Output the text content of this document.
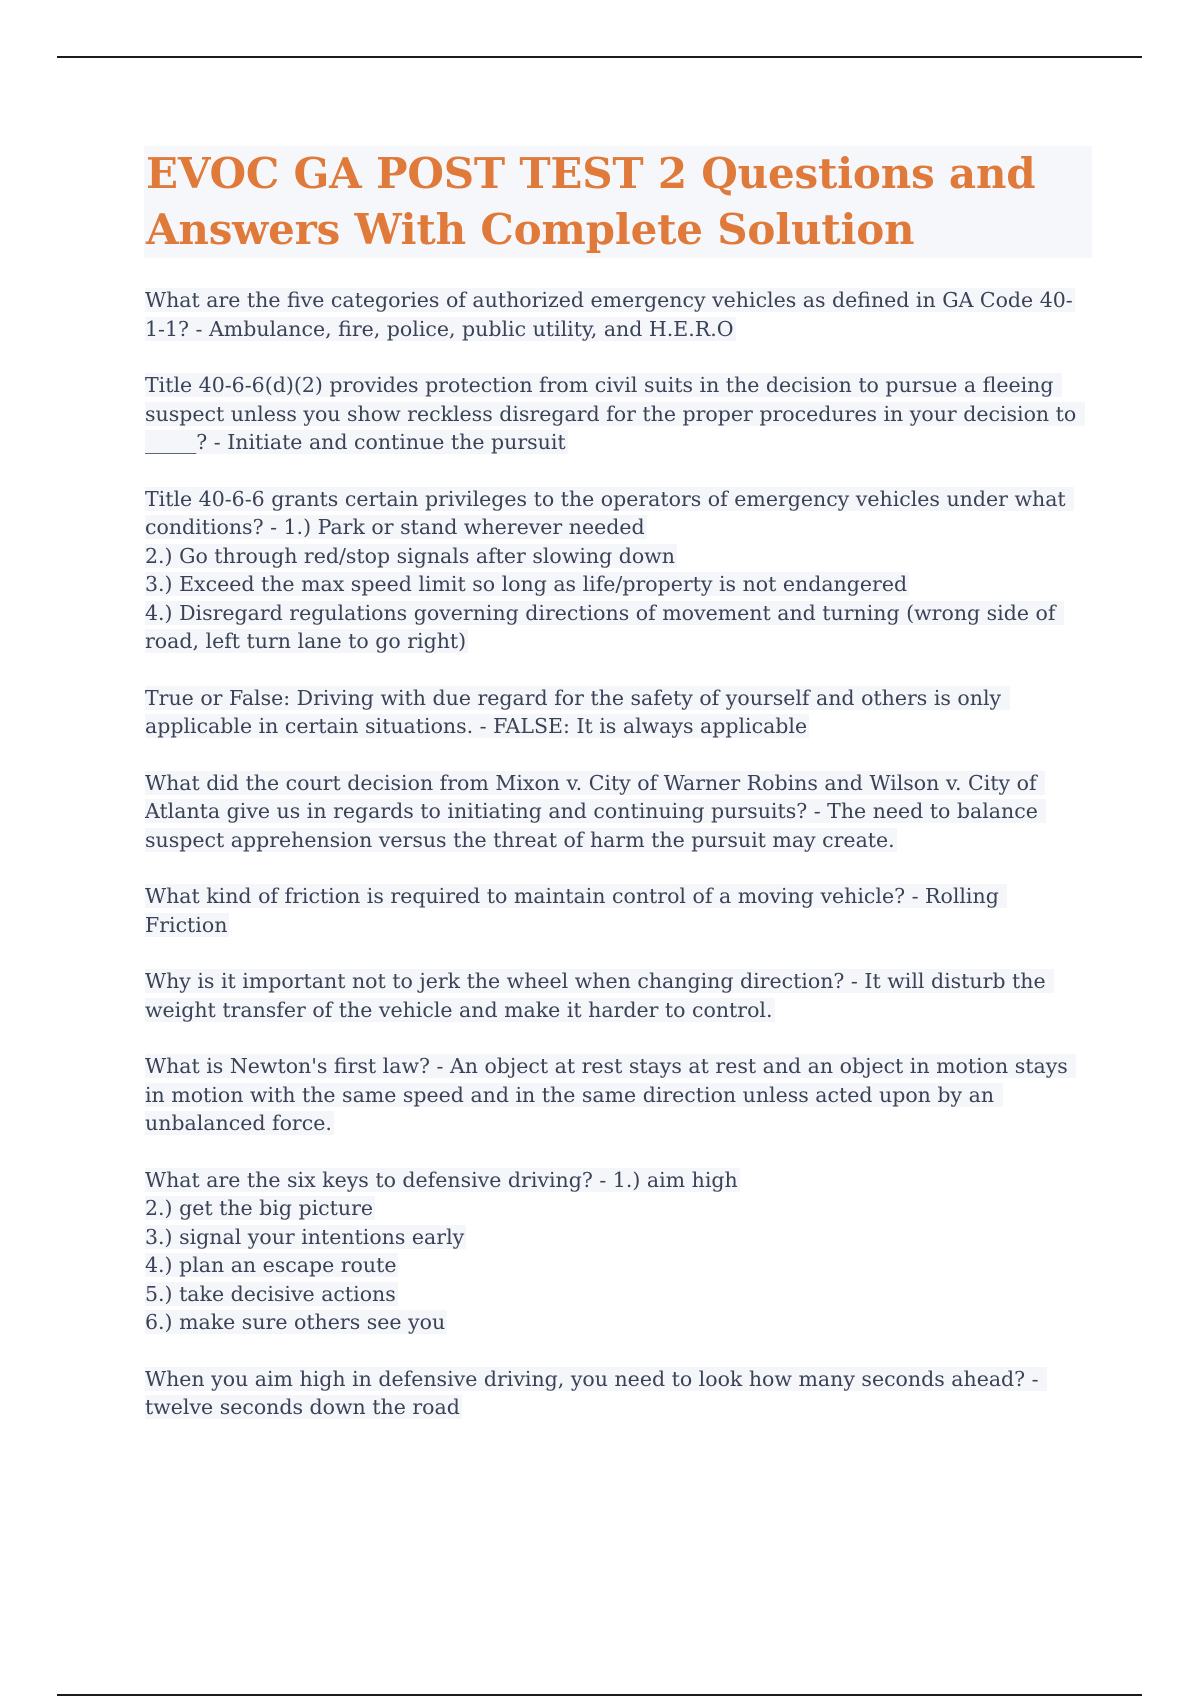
EVOC GA POST TEST 2 Questions and Answers With Complete Solution

What are the five categories of authorized emergency vehicles as defined in GA Code 40-1-1? - Ambulance, fire, police, public utility, and H.E.R.O

Title 40-6-6(d)(2) provides protection from civil suits in the decision to pursue a fleeing suspect unless you show reckless disregard for the proper procedures in your decision to _____? - Initiate and continue the pursuit

Title 40-6-6 grants certain privileges to the operators of emergency vehicles under what conditions? - 1.) Park or stand wherever needed
2.) Go through red/stop signals after slowing down
3.) Exceed the max speed limit so long as life/property is not endangered
4.) Disregard regulations governing directions of movement and turning (wrong side of road, left turn lane to go right)

True or False: Driving with due regard for the safety of yourself and others is only applicable in certain situations. - FALSE: It is always applicable

What did the court decision from Mixon v. City of Warner Robins and Wilson v. City of Atlanta give us in regards to initiating and continuing pursuits? - The need to balance suspect apprehension versus the threat of harm the pursuit may create.

What kind of friction is required to maintain control of a moving vehicle? - Rolling Friction

Why is it important not to jerk the wheel when changing direction? - It will disturb the weight transfer of the vehicle and make it harder to control.

What is Newton's first law? - An object at rest stays at rest and an object in motion stays in motion with the same speed and in the same direction unless acted upon by an unbalanced force.

What are the six keys to defensive driving? - 1.) aim high
2.) get the big picture
3.) signal your intentions early
4.) plan an escape route
5.) take decisive actions
6.) make sure others see you

When you aim high in defensive driving, you need to look how many seconds ahead? - twelve seconds down the road
